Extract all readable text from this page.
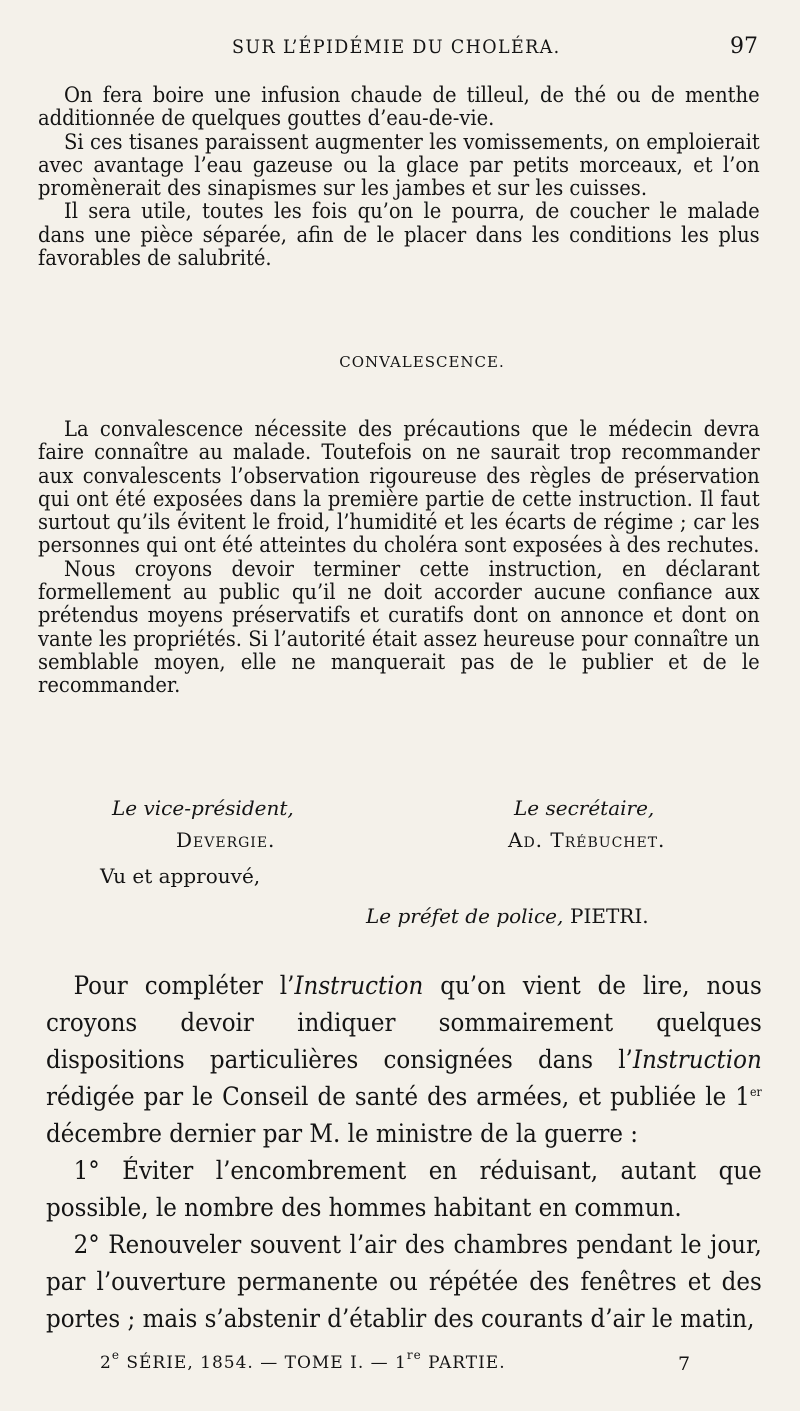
SUR L’ÉPIDÉMIE DU CHOLÉRA.	97

On fera boire une infusion chaude de tilleul, de thé ou de menthe additionnée de quelques gouttes d’eau-de-vie.

Si ces tisanes paraissent augmenter les vomissements, on emploierait avec avantage l’eau gazeuse ou la glace par petits morceaux, et l’on promènerait des sinapismes sur les jambes et sur les cuisses.

Il sera utile, toutes les fois qu’on le pourra, de coucher le malade dans une pièce séparée, afin de le placer dans les conditions les plus favorables de salubrité.

CONVALESCENCE.

La convalescence nécessite des précautions que le médecin devra faire connaître au malade. Toutefois on ne saurait trop recommander aux convalescents l’observation rigoureuse des règles de préservation qui ont été exposées dans la première partie de cette instruction. Il faut surtout qu’ils évitent le froid, l’humidité et les écarts de régime ; car les personnes qui ont été atteintes du choléra sont exposées à des rechutes.

Nous croyons devoir terminer cette instruction, en déclarant formellement au public qu’il ne doit accorder aucune confiance aux prétendus moyens préservatifs et curatifs dont on annonce et dont on vante les propriétés. Si l’autorité était assez heureuse pour connaître un semblable moyen, elle ne manquerait pas de le publier et de le recommander.

Le vice-président,	Le secrétaire,
Devergie.	Ad. Trébuchet.
Vu et approuvé,
Le préfet de police, PIETRI.

Pour compléter l’Instruction qu’on vient de lire, nous croyons devoir indiquer sommairement quelques dispositions particulières consignées dans l’Instruction rédigée par le Conseil de santé des armées, et publiée le 1er décembre dernier par M. le ministre de la guerre :

1° Éviter l’encombrement en réduisant, autant que possible, le nombre des hommes habitant en commun.

2° Renouveler souvent l’air des chambres pendant le jour, par l’ouverture permanente ou répétée des fenêtres et des portes ; mais s’abstenir d’établir des courants d’air le matin,

2e SÉRIE, 1854. — TOME I. — 1re PARTIE.	7
